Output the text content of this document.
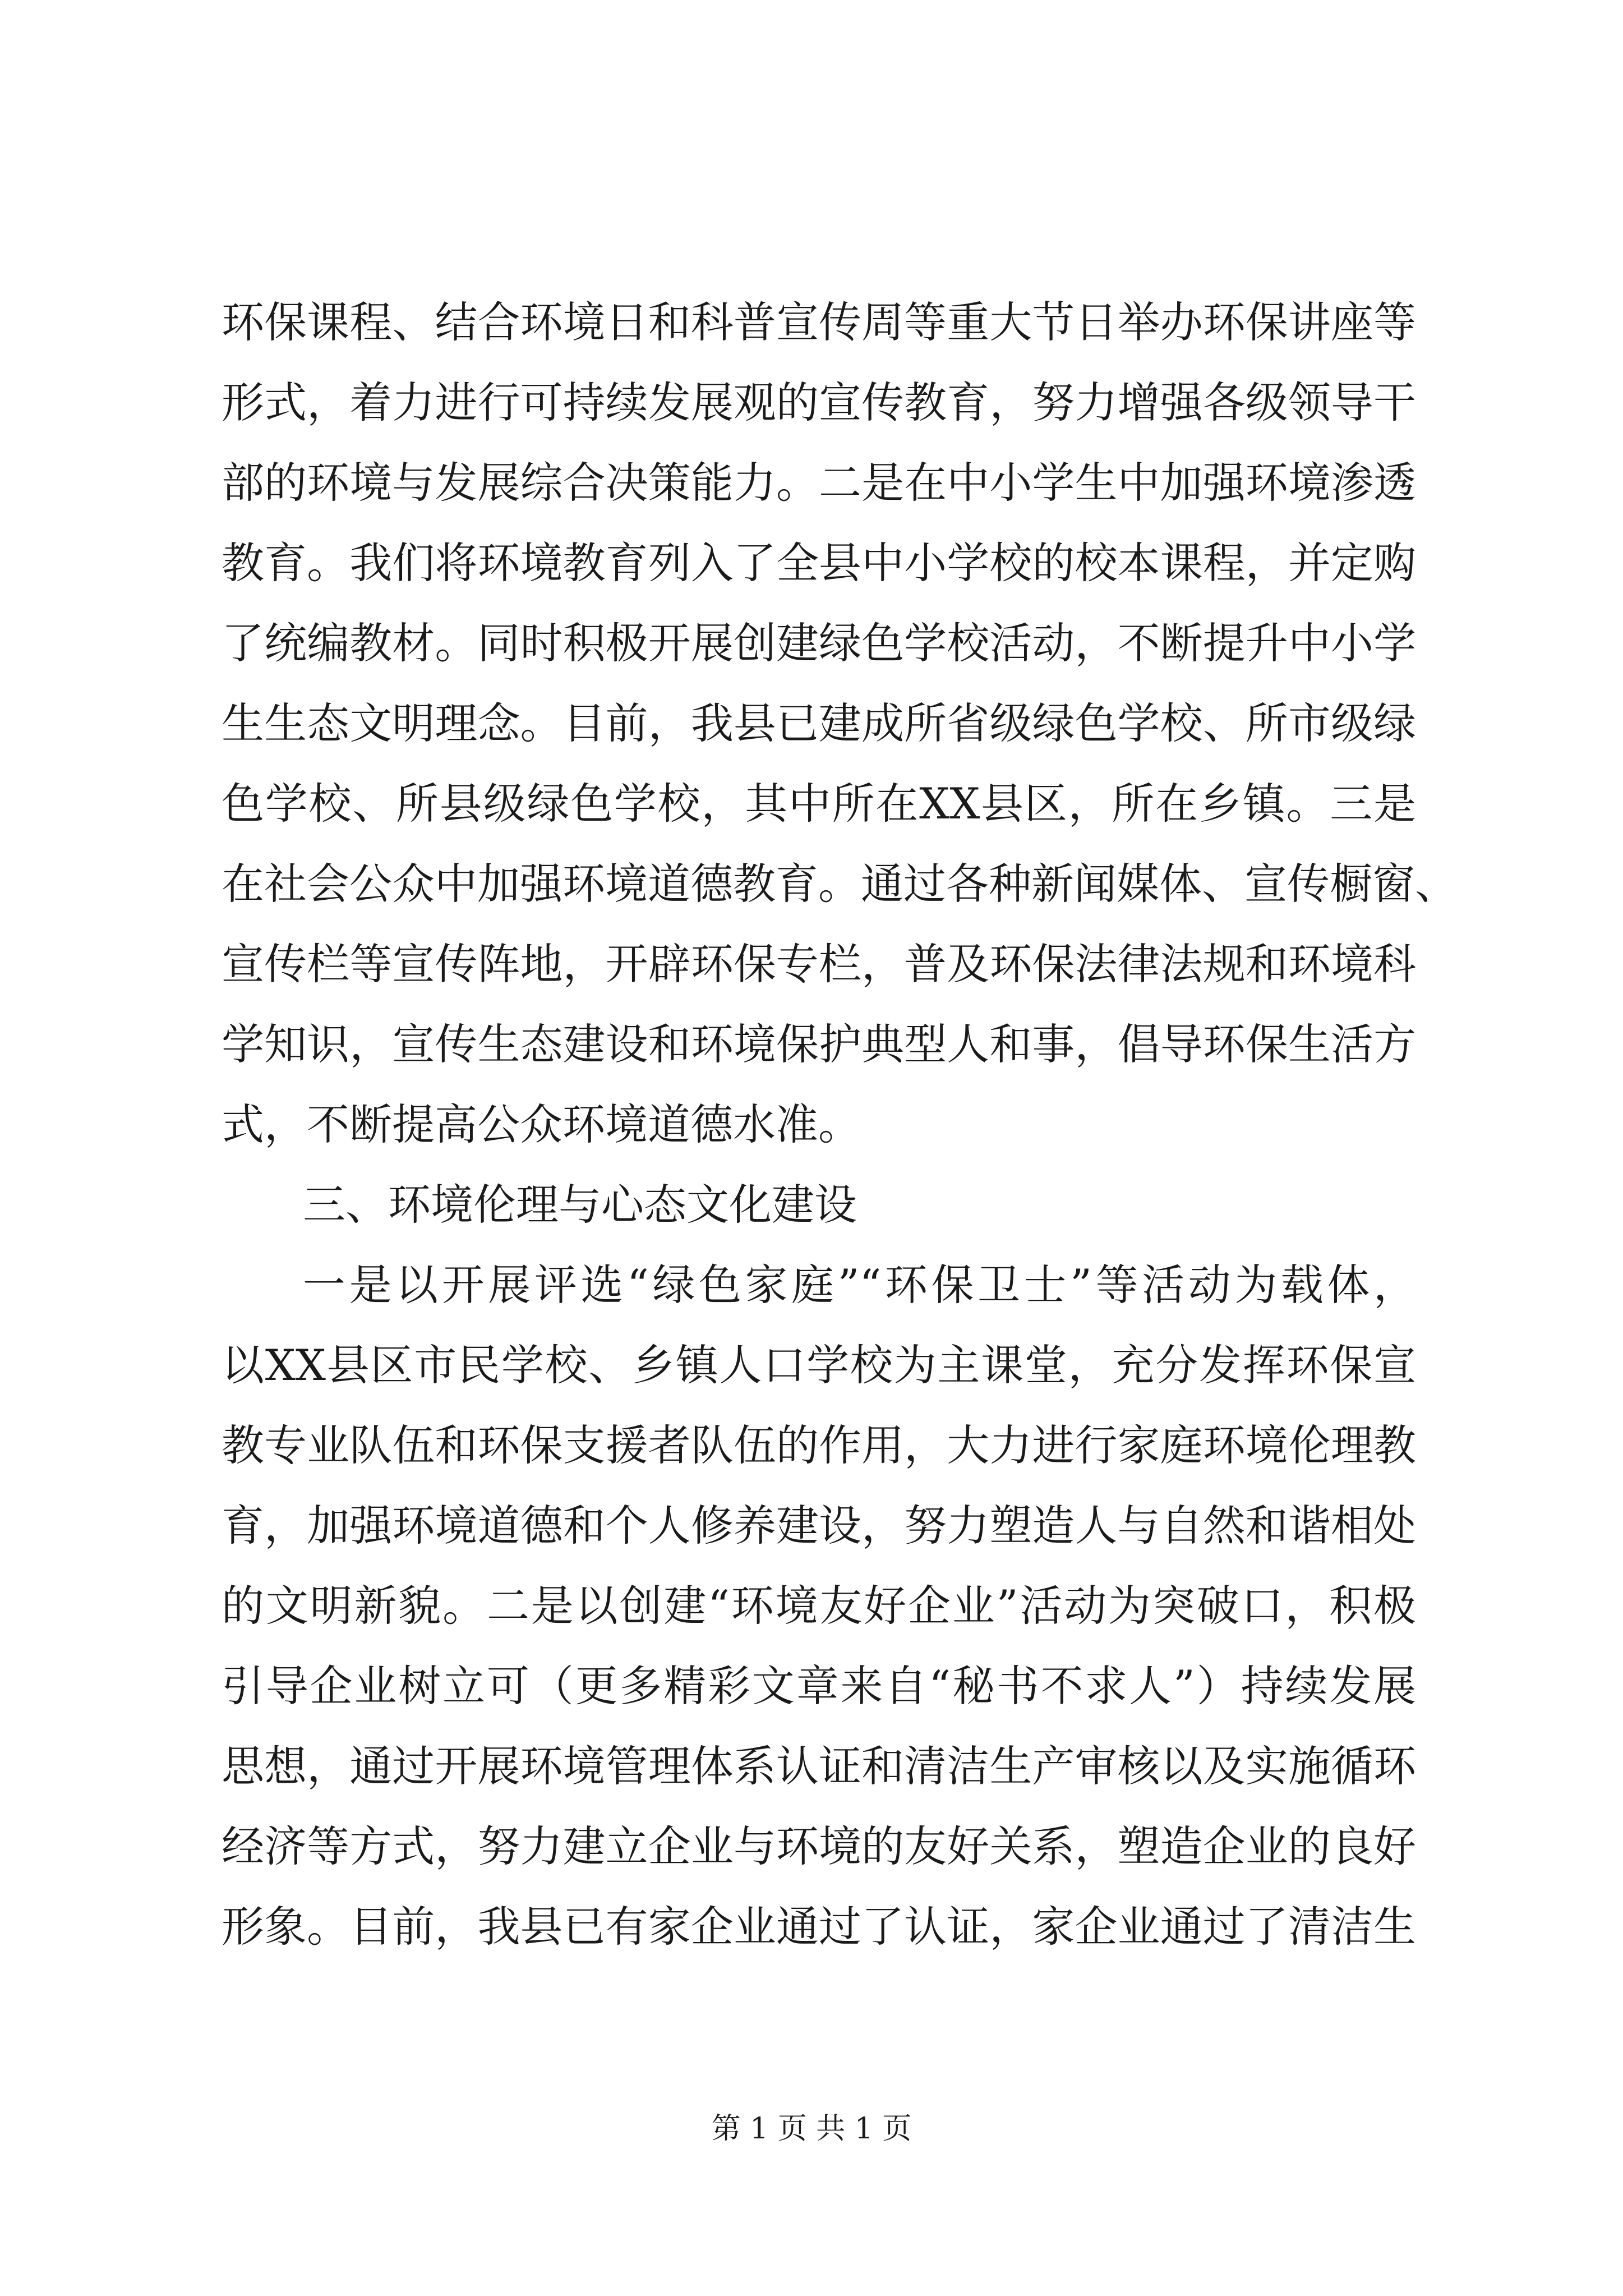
环保课程、结合环境日和科普宣传周等重大节日举办环保讲座等
形式，着力进行可持续发展观的宣传教育，努力增强各级领导干
部的环境与发展综合决策能力。二是在中小学生中加强环境渗透
教育。我们将环境教育列入了全县中小学校的校本课程，并定购
了统编教材。同时积极开展创建绿色学校活动，不断提升中小学
生生态文明理念。目前，我县已建成所省级绿色学校、所市级绿
色学校、所县级绿色学校，其中所在XX县区，所在乡镇。三是
在社会公众中加强环境道德教育。通过各种新闻媒体、宣传橱窗、
宣传栏等宣传阵地，开辟环保专栏，普及环保法律法规和环境科
学知识，宣传生态建设和环境保护典型人和事，倡导环保生活方
式，不断提高公众环境道德水准。
三、环境伦理与心态文化建设
一是以开展评选“绿色家庭”“环保卫士”等活动为载体，
以XX县区市民学校、乡镇人口学校为主课堂，充分发挥环保宣
教专业队伍和环保支援者队伍的作用，大力进行家庭环境伦理教
育，加强环境道德和个人修养建设，努力塑造人与自然和谐相处
的文明新貌。二是以创建“环境友好企业”活动为突破口，积极
引导企业树立可（更多精彩文章来自“秘书不求人”）持续发展
思想，通过开展环境管理体系认证和清洁生产审核以及实施循环
经济等方式，努力建立企业与环境的友好关系，塑造企业的良好
形象。目前，我县已有家企业通过了认证，家企业通过了清洁生
第 1 页 共 1 页
